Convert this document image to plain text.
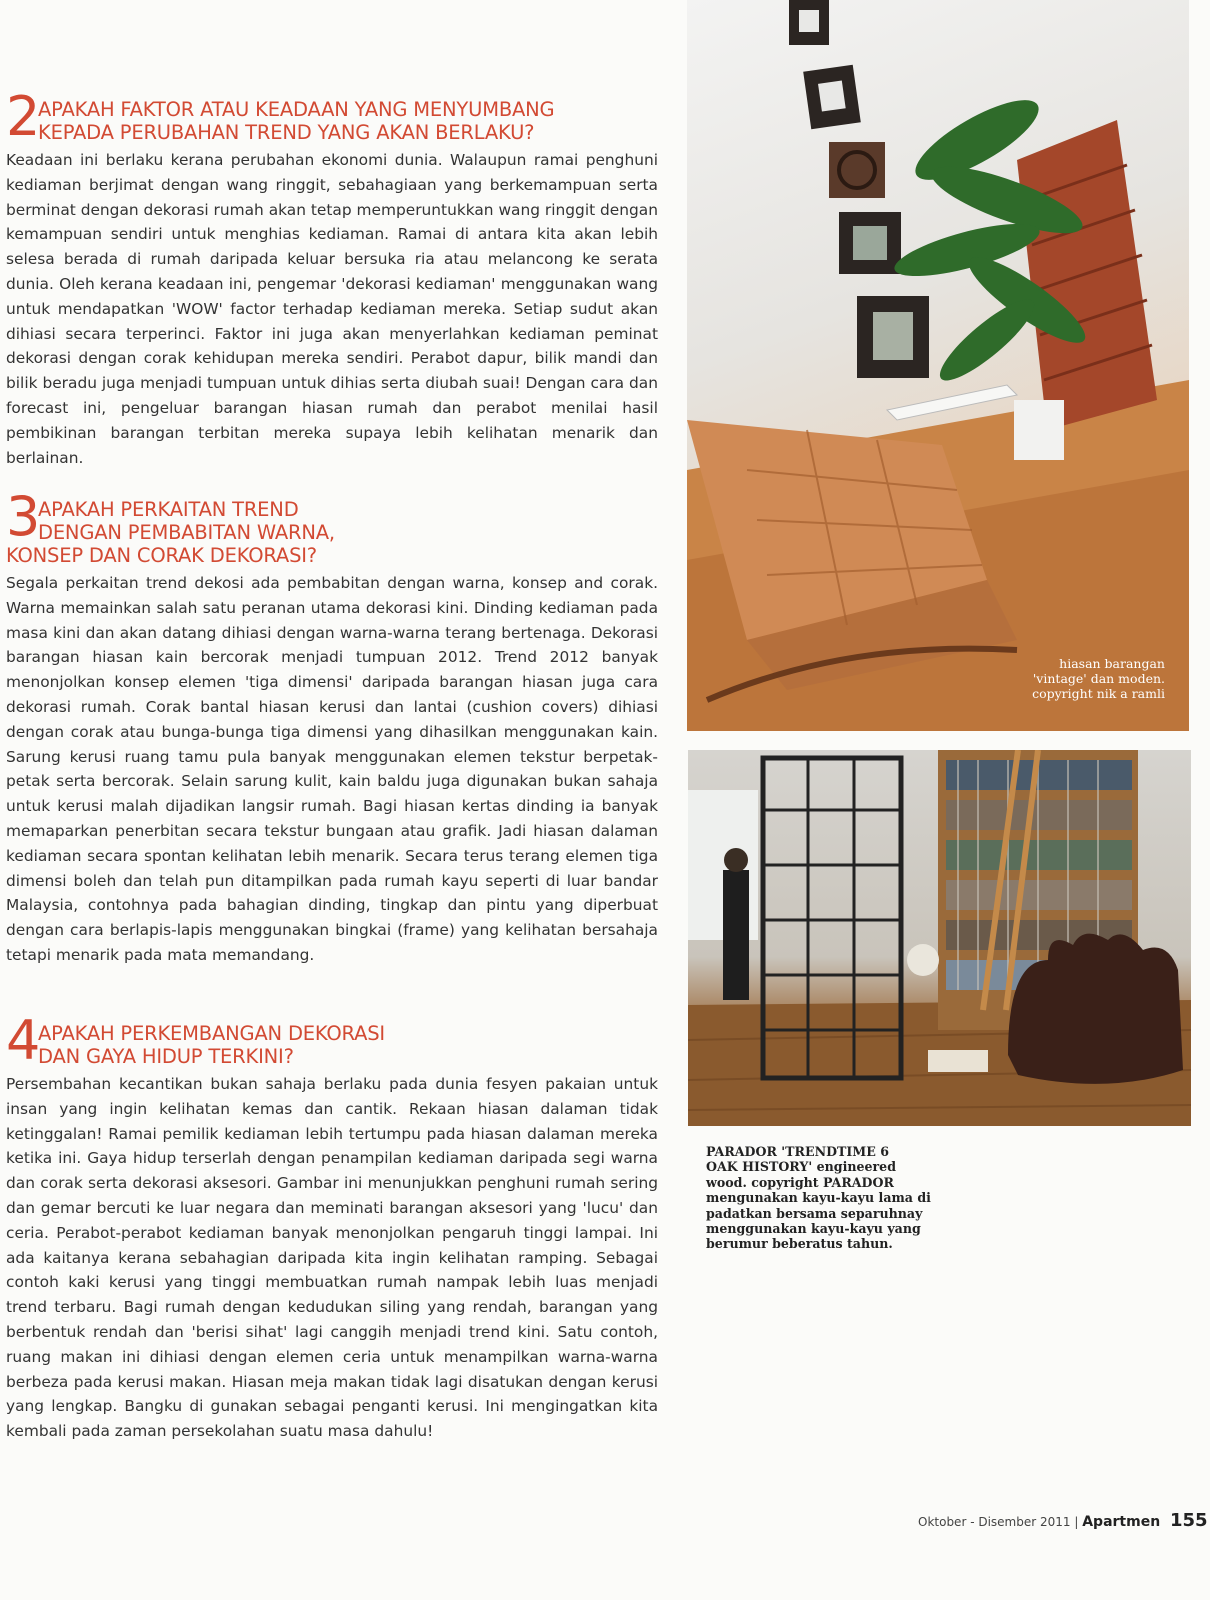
2
APAKAH FAKTOR ATAU KEADAAN YANG MENYUMBANG
KEPADA PERUBAHAN TREND YANG AKAN BERLAKU?
Keadaan ini berlaku kerana perubahan ekonomi dunia. Walaupun ramai penghuni kediaman berjimat dengan wang ringgit, sebahagiaan yang berkemampuan serta berminat dengan dekorasi rumah akan tetap memperuntukkan wang ringgit dengan kemampuan sendiri untuk menghias kediaman. Ramai di antara kita akan lebih selesa berada di rumah daripada keluar bersuka ria atau melancong ke serata dunia. Oleh kerana keadaan ini, pengemar 'dekorasi kediaman' menggunakan wang untuk mendapatkan 'WOW' factor terhadap kediaman mereka. Setiap sudut akan dihiasi secara terperinci. Faktor ini juga akan menyerlahkan kediaman peminat dekorasi dengan corak kehidupan mereka sendiri. Perabot dapur, bilik mandi dan bilik beradu juga menjadi tumpuan untuk dihias serta diubah suai! Dengan cara dan forecast ini, pengeluar barangan hiasan rumah dan perabot menilai hasil pembikinan barangan terbitan mereka supaya lebih kelihatan menarik dan berlainan.
3
APAKAH PERKAITAN TREND
DENGAN PEMBABITAN WARNA,
KONSEP DAN CORAK DEKORASI?
Segala perkaitan trend dekosi ada pembabitan dengan warna, konsep and corak. Warna memainkan salah satu peranan utama dekorasi kini. Dinding kediaman pada masa kini dan akan datang dihiasi dengan warna-warna terang bertenaga. Dekorasi barangan hiasan kain bercorak menjadi tumpuan 2012. Trend 2012 banyak menonjolkan konsep elemen 'tiga dimensi' daripada barangan hiasan juga cara dekorasi rumah. Corak bantal hiasan kerusi dan lantai (cushion covers) dihiasi dengan corak atau bunga-bunga tiga dimensi yang dihasilkan menggunakan kain. Sarung kerusi ruang tamu pula banyak menggunakan elemen tekstur berpetak-petak serta bercorak. Selain sarung kulit, kain baldu juga digunakan bukan sahaja untuk kerusi malah dijadikan langsir rumah. Bagi hiasan kertas dinding ia banyak memaparkan penerbitan secara tekstur bungaan atau grafik. Jadi hiasan dalaman kediaman secara spontan kelihatan lebih menarik. Secara terus terang elemen tiga dimensi boleh dan telah pun ditampilkan pada rumah kayu seperti di luar bandar Malaysia, contohnya pada bahagian dinding, tingkap dan pintu yang diperbuat dengan cara berlapis-lapis menggunakan bingkai (frame) yang kelihatan bersahaja tetapi menarik pada mata memandang.
4
APAKAH PERKEMBANGAN DEKORASI
DAN GAYA HIDUP TERKINI?
Persembahan kecantikan bukan sahaja berlaku pada dunia fesyen pakaian untuk insan yang ingin kelihatan kemas dan cantik. Rekaan hiasan dalaman tidak ketinggalan! Ramai pemilik kediaman lebih tertumpu pada hiasan dalaman mereka ketika ini. Gaya hidup terserlah dengan penampilan kediaman daripada segi warna dan corak serta dekorasi aksesori. Gambar ini menunjukkan penghuni rumah sering dan gemar bercuti ke luar negara dan meminati barangan aksesori yang 'lucu' dan ceria. Perabot-perabot kediaman banyak menonjolkan pengaruh tinggi lampai. Ini ada kaitanya kerana sebahagian daripada kita ingin kelihatan ramping. Sebagai contoh kaki kerusi yang tinggi membuatkan rumah nampak lebih luas menjadi trend terbaru. Bagi rumah dengan kedudukan siling yang rendah, barangan yang berbentuk rendah dan 'berisi sihat' lagi canggih menjadi trend kini. Satu contoh, ruang makan ini dihiasi dengan elemen ceria untuk menampilkan warna-warna berbeza pada kerusi makan. Hiasan meja makan tidak lagi disatukan dengan kerusi yang lengkap. Bangku di gunakan sebagai penganti kerusi. Ini mengingatkan kita kembali pada zaman persekolahan suatu masa dahulu!
hiasan barangan
'vintage' dan moden.
copyright nik a ramli
PARADOR 'TRENDTIME 6
OAK HISTORY' engineered
wood. copyright PARADOR
mengunakan kayu-kayu lama di
padatkan bersama separuhnay
menggunakan kayu-kayu yang
berumur beberatus tahun.
Oktober - Disember 2011 | Apartmen 155
